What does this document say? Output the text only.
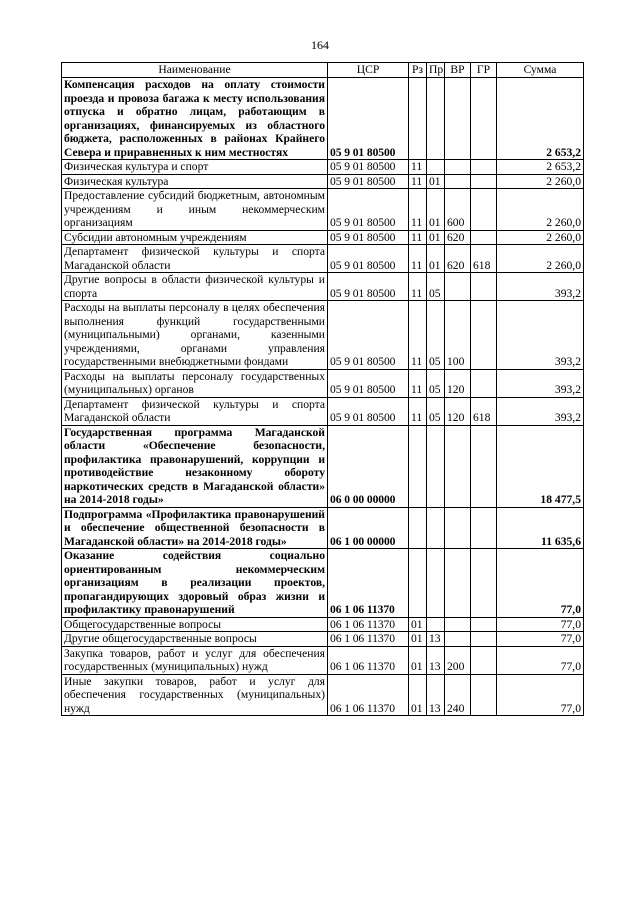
164
Наименование	ЦСР	Рз	Пр	ВР	ГР	Сумма
Компенсация расходов на оплату стоимости проезда и провоза багажа к месту использования отпуска и обратно лицам, работающим в организациях, финансируемых из областного бюджета, расположенных в районах Крайнего Севера и приравненных к ним местностях	05 9 01 80500					2 653,2
Физическая культура и спорт	05 9 01 80500	11				2 653,2
Физическая культура	05 9 01 80500	11	01			2 260,0
Предоставление субсидий бюджетным, автономным учреждениям и иным некоммерческим организациям	05 9 01 80500	11	01	600		2 260,0
Субсидии автономным учреждениям	05 9 01 80500	11	01	620		2 260,0
Департамент физической культуры и спорта Магаданской области	05 9 01 80500	11	01	620	618	2 260,0
Другие вопросы в области физической культуры и спорта	05 9 01 80500	11	05			393,2
Расходы на выплаты персоналу в целях обеспечения выполнения функций государственными (муниципальными) органами, казенными учреждениями, органами управления государственными внебюджетными фондами	05 9 01 80500	11	05	100		393,2
Расходы на выплаты персоналу государственных (муниципальных) органов	05 9 01 80500	11	05	120		393,2
Департамент физической культуры и спорта Магаданской области	05 9 01 80500	11	05	120	618	393,2
Государственная программа Магаданской области «Обеспечение безопасности, профилактика правонарушений, коррупции и противодействие незаконному обороту наркотических средств в Магаданской области» на 2014-2018 годы»	06 0 00 00000					18 477,5
Подпрограмма «Профилактика правонарушений и обеспечение общественной безопасности в Магаданской области» на 2014-2018 годы»	06 1 00 00000					11 635,6
Оказание содействия социально ориентированным некоммерческим организациям в реализации проектов, пропагандирующих здоровый образ жизни и профилактику правонарушений	06 1 06 11370					77,0
Общегосударственные вопросы	06 1 06 11370	01				77,0
Другие общегосударственные вопросы	06 1 06 11370	01	13			77,0
Закупка товаров, работ и услуг для обеспечения государственных (муниципальных) нужд	06 1 06 11370	01	13	200		77,0
Иные закупки товаров, работ и услуг для обеспечения государственных (муниципальных) нужд	06 1 06 11370	01	13	240		77,0
